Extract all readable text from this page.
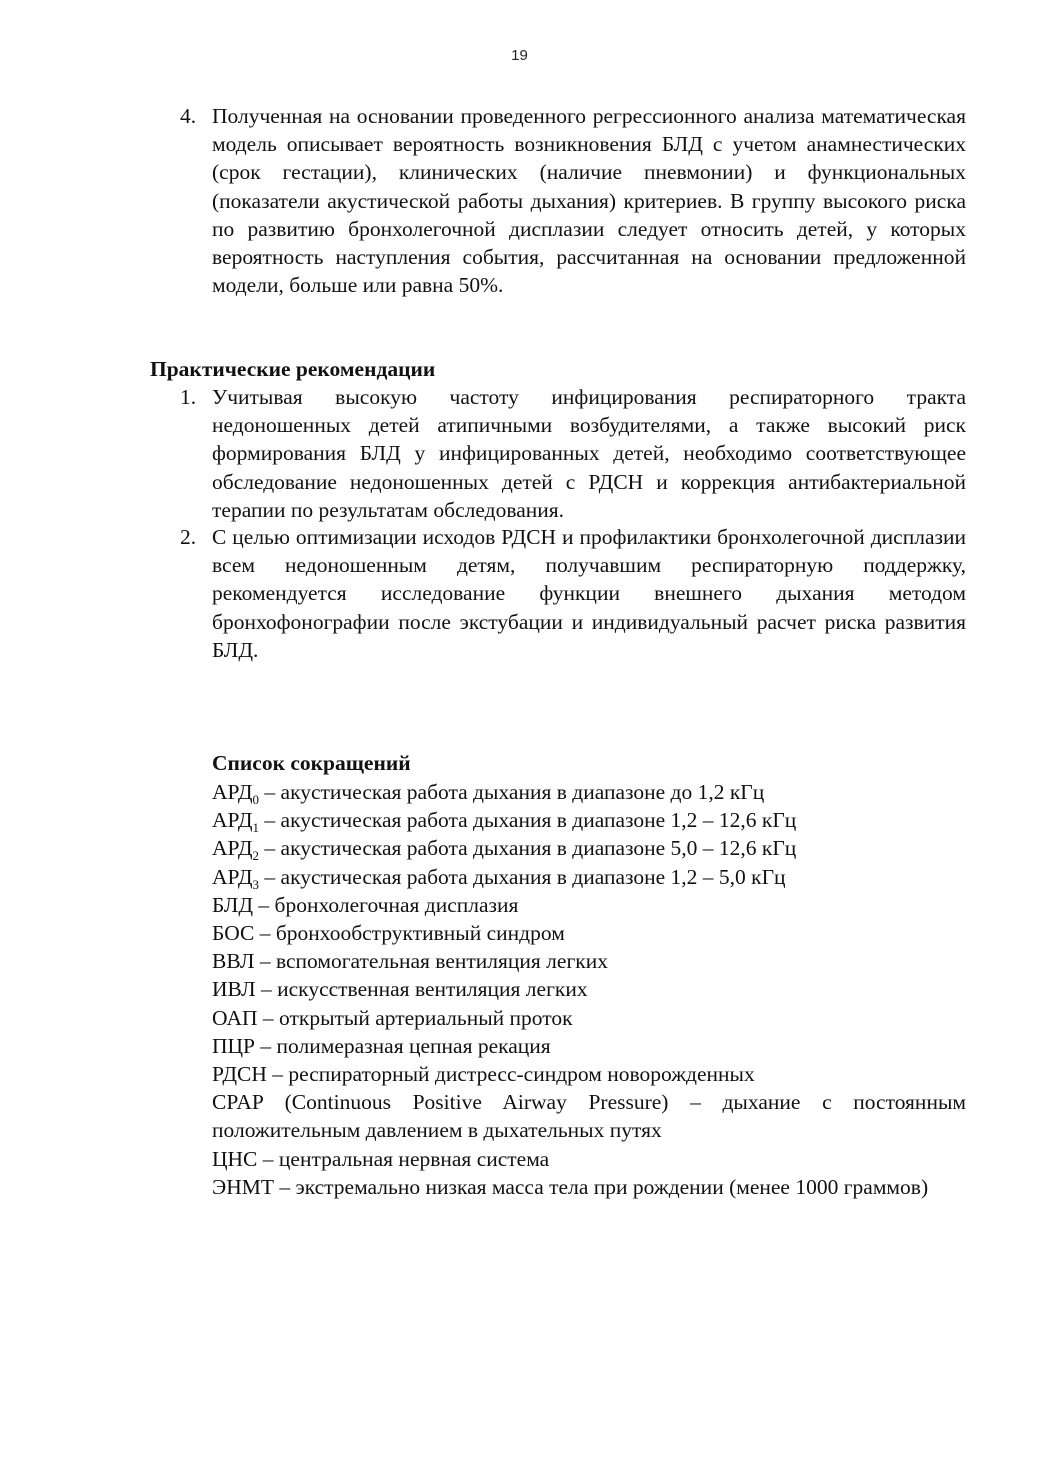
19
4. Полученная на основании проведенного регрессионного анализа математическая модель описывает вероятность возникновения БЛД с учетом анамнестических (срок гестации), клинических (наличие пневмонии) и функциональных (показатели акустической работы дыхания) критериев. В группу высокого риска по развитию бронхолегочной дисплазии следует относить детей, у которых вероятность наступления события, рассчитанная на основании предложенной модели, больше или равна 50%.
Практические рекомендации
1. Учитывая высокую частоту инфицирования респираторного тракта недоношенных детей атипичными возбудителями, а также высокий риск формирования БЛД у инфицированных детей, необходимо соответствующее обследование недоношенных детей с РДСН и коррекция антибактериальной терапии по результатам обследования.
2. С целью оптимизации исходов РДСН и профилактики бронхолегочной дисплазии всем недоношенным детям, получавшим респираторную поддержку, рекомендуется исследование функции внешнего дыхания методом бронхофонографии после экстубации и индивидуальный расчет риска развития БЛД.
Список сокращений
$АРД_0$ – акустическая работа дыхания в диапазоне до 1,2 кГц
$АРД_1$ – акустическая работа дыхания в диапазоне 1,2 – 12,6 кГц
$АРД_2$ – акустическая работа дыхания в диапазоне 5,0 – 12,6 кГц
$АРД_3$ – акустическая работа дыхания в диапазоне 1,2 – 5,0 кГц
БЛД – бронхолегочная дисплазия
БОС – бронхообструктивный синдром
ВВЛ – вспомогательная вентиляция легких
ИВЛ – искусственная вентиляция легких
ОАП – открытый артериальный проток
ПЦР – полимеразная цепная рекация
РДСН – респираторный дистресс-синдром новорожденных
CPAP (Continuous Positive Airway Pressure) – дыхание с постоянным положительным давлением в дыхательных путях
ЦНС – центральная нервная система
ЭНМТ – экстремально низкая масса тела при рождении (менее 1000 граммов)
